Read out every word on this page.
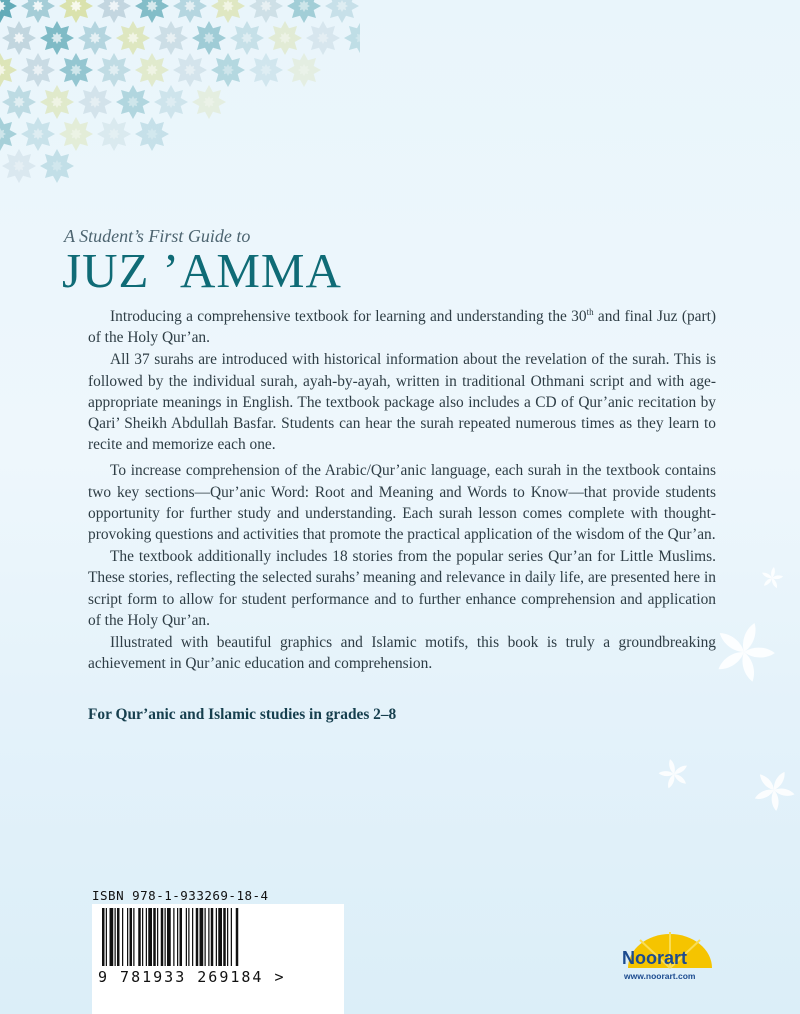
A Student’s First Guide to
JUZ ’AMMA

Introducing a comprehensive textbook for learning and understanding the 30th and final Juz (part) of the Holy Qur’an.

All 37 surahs are introduced with historical information about the revelation of the surah. This is followed by the individual surah, ayah-by-ayah, written in traditional Othmani script and with age-appropriate meanings in English. The textbook package also includes a CD of Qur’anic recitation by Qari’ Sheikh Abdullah Basfar. Students can hear the surah repeated numerous times as they learn to recite and memorize each one.

To increase comprehension of the Arabic/Qur’anic language, each surah in the textbook contains two key sections—Qur’anic Word: Root and Meaning and Words to Know—that provide students opportunity for further study and understanding. Each surah lesson comes complete with thought-provoking questions and activities that promote the practical application of the wisdom of the Qur’an.

The textbook additionally includes 18 stories from the popular series Qur’an for Little Muslims. These stories, reflecting the selected surahs’ meaning and relevance in daily life, are presented here in script form to allow for student performance and to further enhance comprehension and application of the Holy Qur’an.

Illustrated with beautiful graphics and Islamic motifs, this book is truly a groundbreaking achievement in Qur’anic education and comprehension.

For Qur’anic and Islamic studies in grades 2–8
ISBN 978-1-933269-18-4
9 781933 269184 >
Noorart
www.noorart.com
